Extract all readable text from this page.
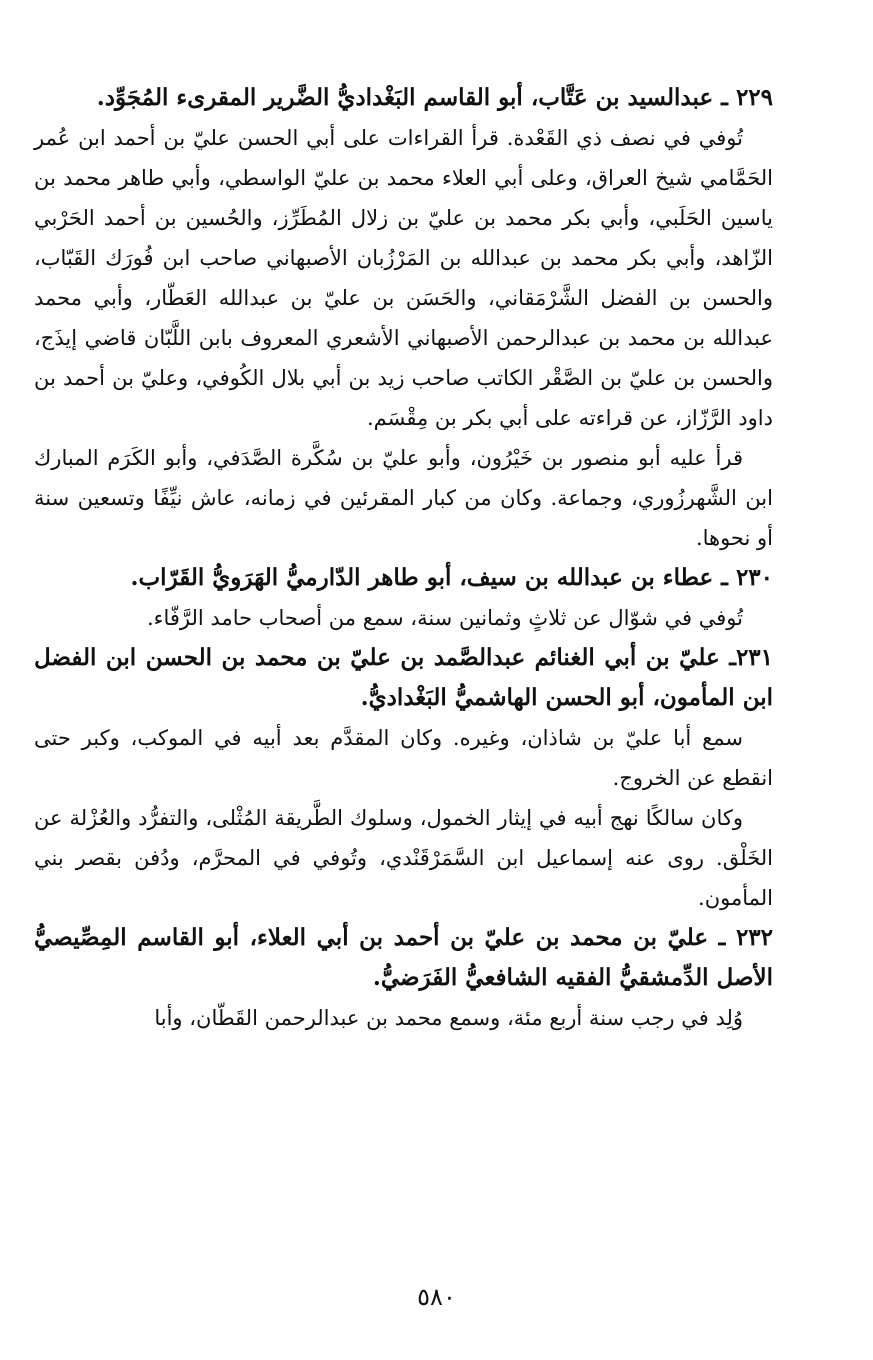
٢٢٩ ـ عبدالسيد بن عَتَّاب، أبو القاسم البَغْداديُّ الضَّرير المقرىء المُجَوِّد.

تُوفي في نصف ذي القَعْدة. قرأ القراءات على أبي الحسن عليّ بن أحمد ابن عُمر الحَمَّامي شيخ العراق، وعلى أبي العلاء محمد بن عليّ الواسطي، وأبي طاهر محمد بن ياسين الحَلَبي، وأبي بكر محمد بن عليّ بن زلال المُطَرِّز، والحُسين بن أحمد الحَرْبي الزّاهد، وأبي بكر محمد بن عبدالله بن المَرْزُبان الأصبهاني صاحب ابن فُورَك القَبّاب، والحسن بن الفضل الشَّرْمَقاني، والحَسَن بن عليّ بن عبدالله العَطّار، وأبي محمد عبدالله بن محمد بن عبدالرحمن الأصبهاني الأشعري المعروف بابن اللَّبّان قاضي إيذَج، والحسن بن عليّ بن الصَّقْر الكاتب صاحب زيد بن أبي بلال الكُوفي، وعليّ بن أحمد بن داود الرَّزّاز، عن قراءته على أبي بكر بن مِقْسَم.

قرأ عليه أبو منصور بن خَيْرُون، وأبو عليّ بن سُكَّرة الصَّدَفي، وأبو الكَرَم المبارك ابن الشَّهرزُوري، وجماعة. وكان من كبار المقرئين في زمانه، عاش نيِّفًا وتسعين سنة أو نحوها.

٢٣٠ ـ عطاء بن عبدالله بن سيف، أبو طاهر الدّارميُّ الهَرَويُّ القَرّاب.

تُوفي في شوّال عن ثلاثٍ وثمانين سنة، سمع من أصحاب حامد الرَّفّاء.

٢٣١ـ عليّ بن أبي الغنائم عبدالصَّمد بن عليّ بن محمد بن الحسن ابن الفضل ابن المأمون، أبو الحسن الهاشميُّ البَغْداديُّ.

سمع أبا عليّ بن شاذان، وغيره. وكان المقدَّم بعد أبيه في الموكب، وكبر حتى انقطع عن الخروج.

وكان سالكًا نهج أبيه في إيثار الخمول، وسلوك الطَّريقة المُثْلى، والتفرُّد والعُزْلة عن الخَلْق. روى عنه إسماعيل ابن السَّمَرْقَنْدي، وتُوفي في المحرَّم، ودُفن بقصر بني المأمون.

٢٣٢ ـ عليّ بن محمد بن عليّ بن أحمد بن أبي العلاء، أبو القاسم المِصِّيصيُّ الأصل الدِّمشقيُّ الفقيه الشافعيُّ الفَرَضيُّ.

وُلِد في رجب سنة أربع مئة، وسمع محمد بن عبدالرحمن القَطّان، وأبا

٥٨٠
